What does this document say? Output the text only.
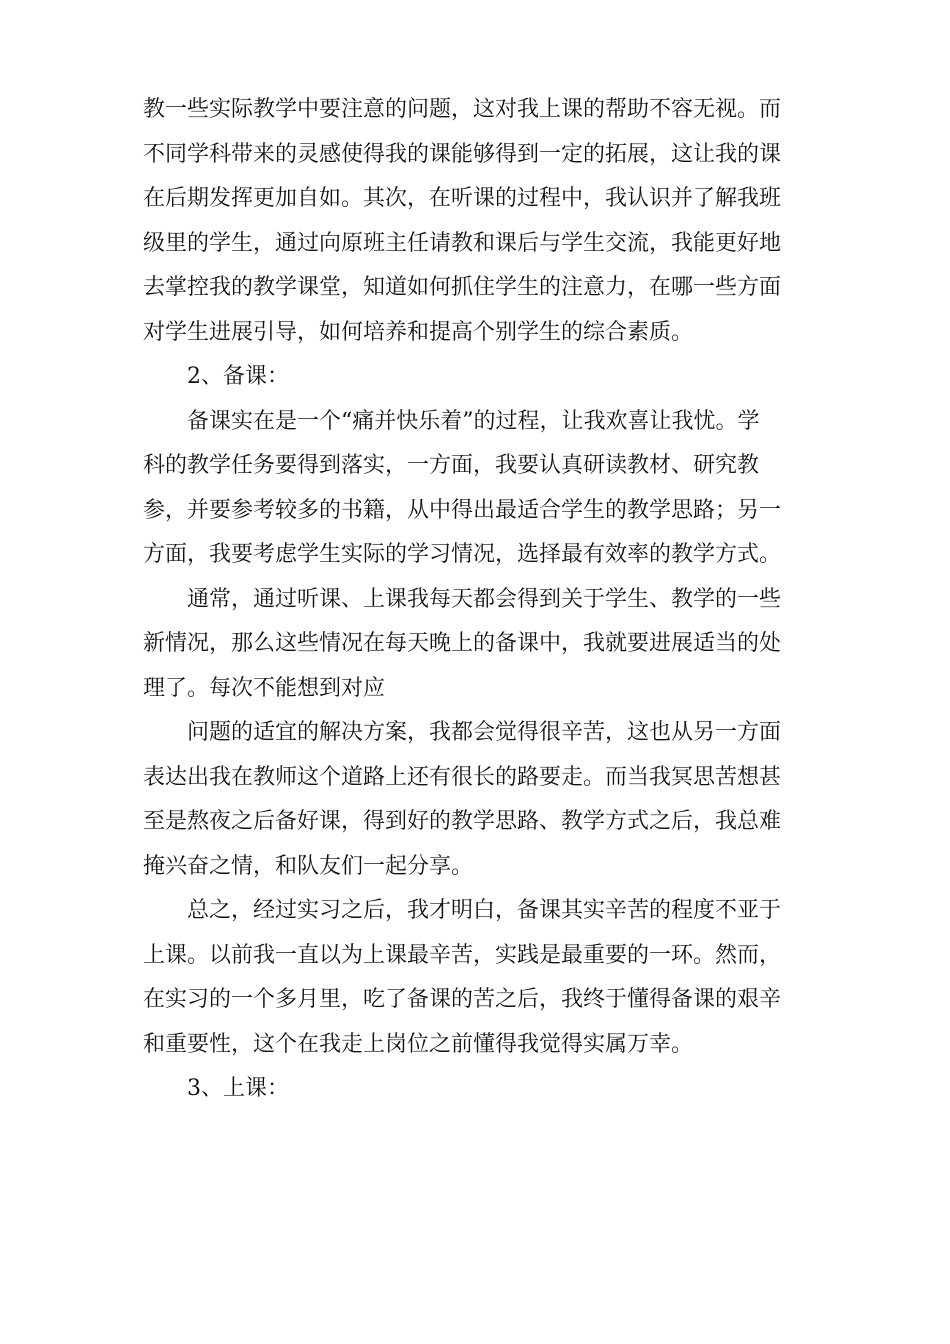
教一些实际教学中要注意的问题，这对我上课的帮助不容无视。而
不同学科带来的灵感使得我的课能够得到一定的拓展，这让我的课
在后期发挥更加自如。其次，在听课的过程中，我认识并了解我班
级里的学生，通过向原班主任请教和课后与学生交流，我能更好地
去掌控我的教学课堂，知道如何抓住学生的注意力，在哪一些方面
对学生进展引导，如何培养和提高个别学生的综合素质。
2、备课：
备课实在是一个“痛并快乐着”的过程，让我欢喜让我忧。学
科的教学任务要得到落实，一方面，我要认真研读教材、研究教
参，并要参考较多的书籍，从中得出最适合学生的教学思路；另一
方面，我要考虑学生实际的学习情况，选择最有效率的教学方式。
通常，通过听课、上课我每天都会得到关于学生、教学的一些
新情况，那么这些情况在每天晚上的备课中，我就要进展适当的处
理了。每次不能想到对应
问题的适宜的解决方案，我都会觉得很辛苦，这也从另一方面
表达出我在教师这个道路上还有很长的路要走。而当我冥思苦想甚
至是熬夜之后备好课，得到好的教学思路、教学方式之后，我总难
掩兴奋之情，和队友们一起分享。
总之，经过实习之后，我才明白，备课其实辛苦的程度不亚于
上课。以前我一直以为上课最辛苦，实践是最重要的一环。然而，
在实习的一个多月里，吃了备课的苦之后，我终于懂得备课的艰辛
和重要性，这个在我走上岗位之前懂得我觉得实属万幸。
3、上课：
